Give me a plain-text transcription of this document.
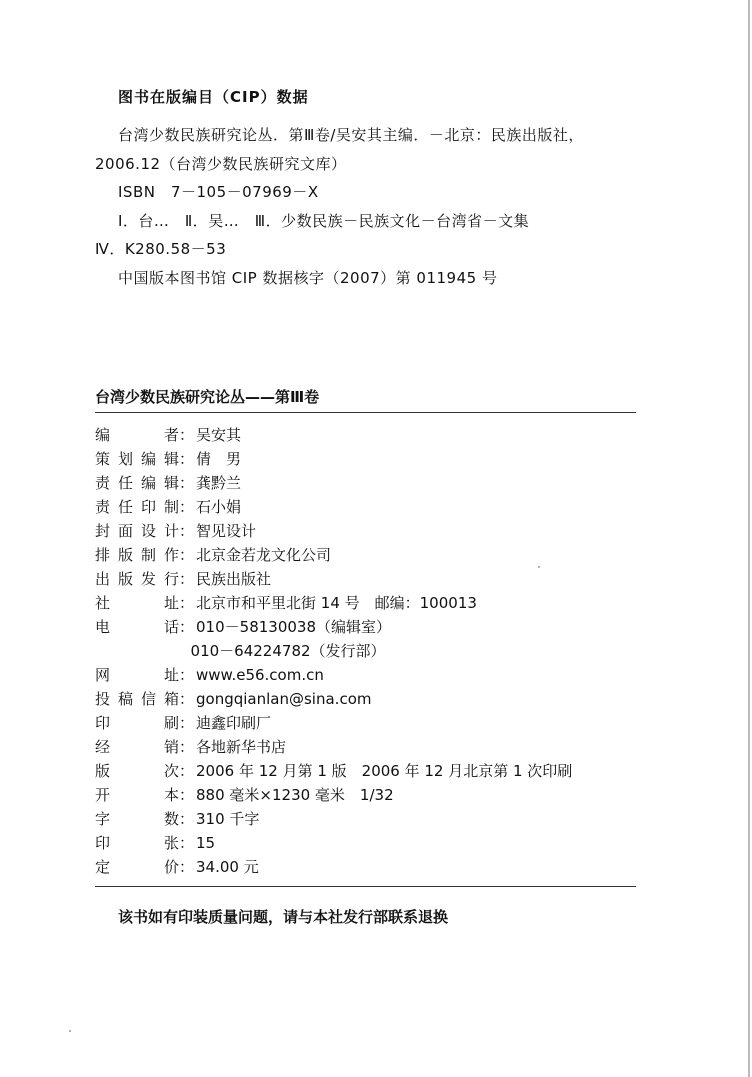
图书在版编目（CIP）数据
台湾少数民族研究论丛．第Ⅲ卷/吴安其主编．－北京：民族出版社，
2006.12（台湾少数民族研究文库）
ISBN　7－105－07969－X
Ⅰ．台…　Ⅱ．吴…　Ⅲ．少数民族－民族文化－台湾省－文集
Ⅳ．K280.58－53
中国版本图书馆 CIP 数据核字（2007）第 011945 号
台湾少数民族研究论丛——第Ⅲ卷
编　　者： 吴安其
策划编辑： 倩　男
责任编辑： 龚黔兰
责任印制： 石小娟
封面设计： 智见设计
排版制作： 北京金若龙文化公司
出版发行： 民族出版社
社　　址： 北京市和平里北街 14 号　邮编：100013
电　　话： 010－58130038（编辑室）
010－64224782（发行部）
网　　址： www.e56.com.cn
投稿信箱： gongqianlan@sina.com
印　　刷： 迪鑫印刷厂
经　　销： 各地新华书店
版　　次： 2006 年 12 月第 1 版　2006 年 12 月北京第 1 次印刷
开　　本： 880 毫米×1230 毫米　1/32
字　　数： 310 千字
印　　张： 15
定　　价： 34.00 元
该书如有印装质量问题，请与本社发行部联系退换
